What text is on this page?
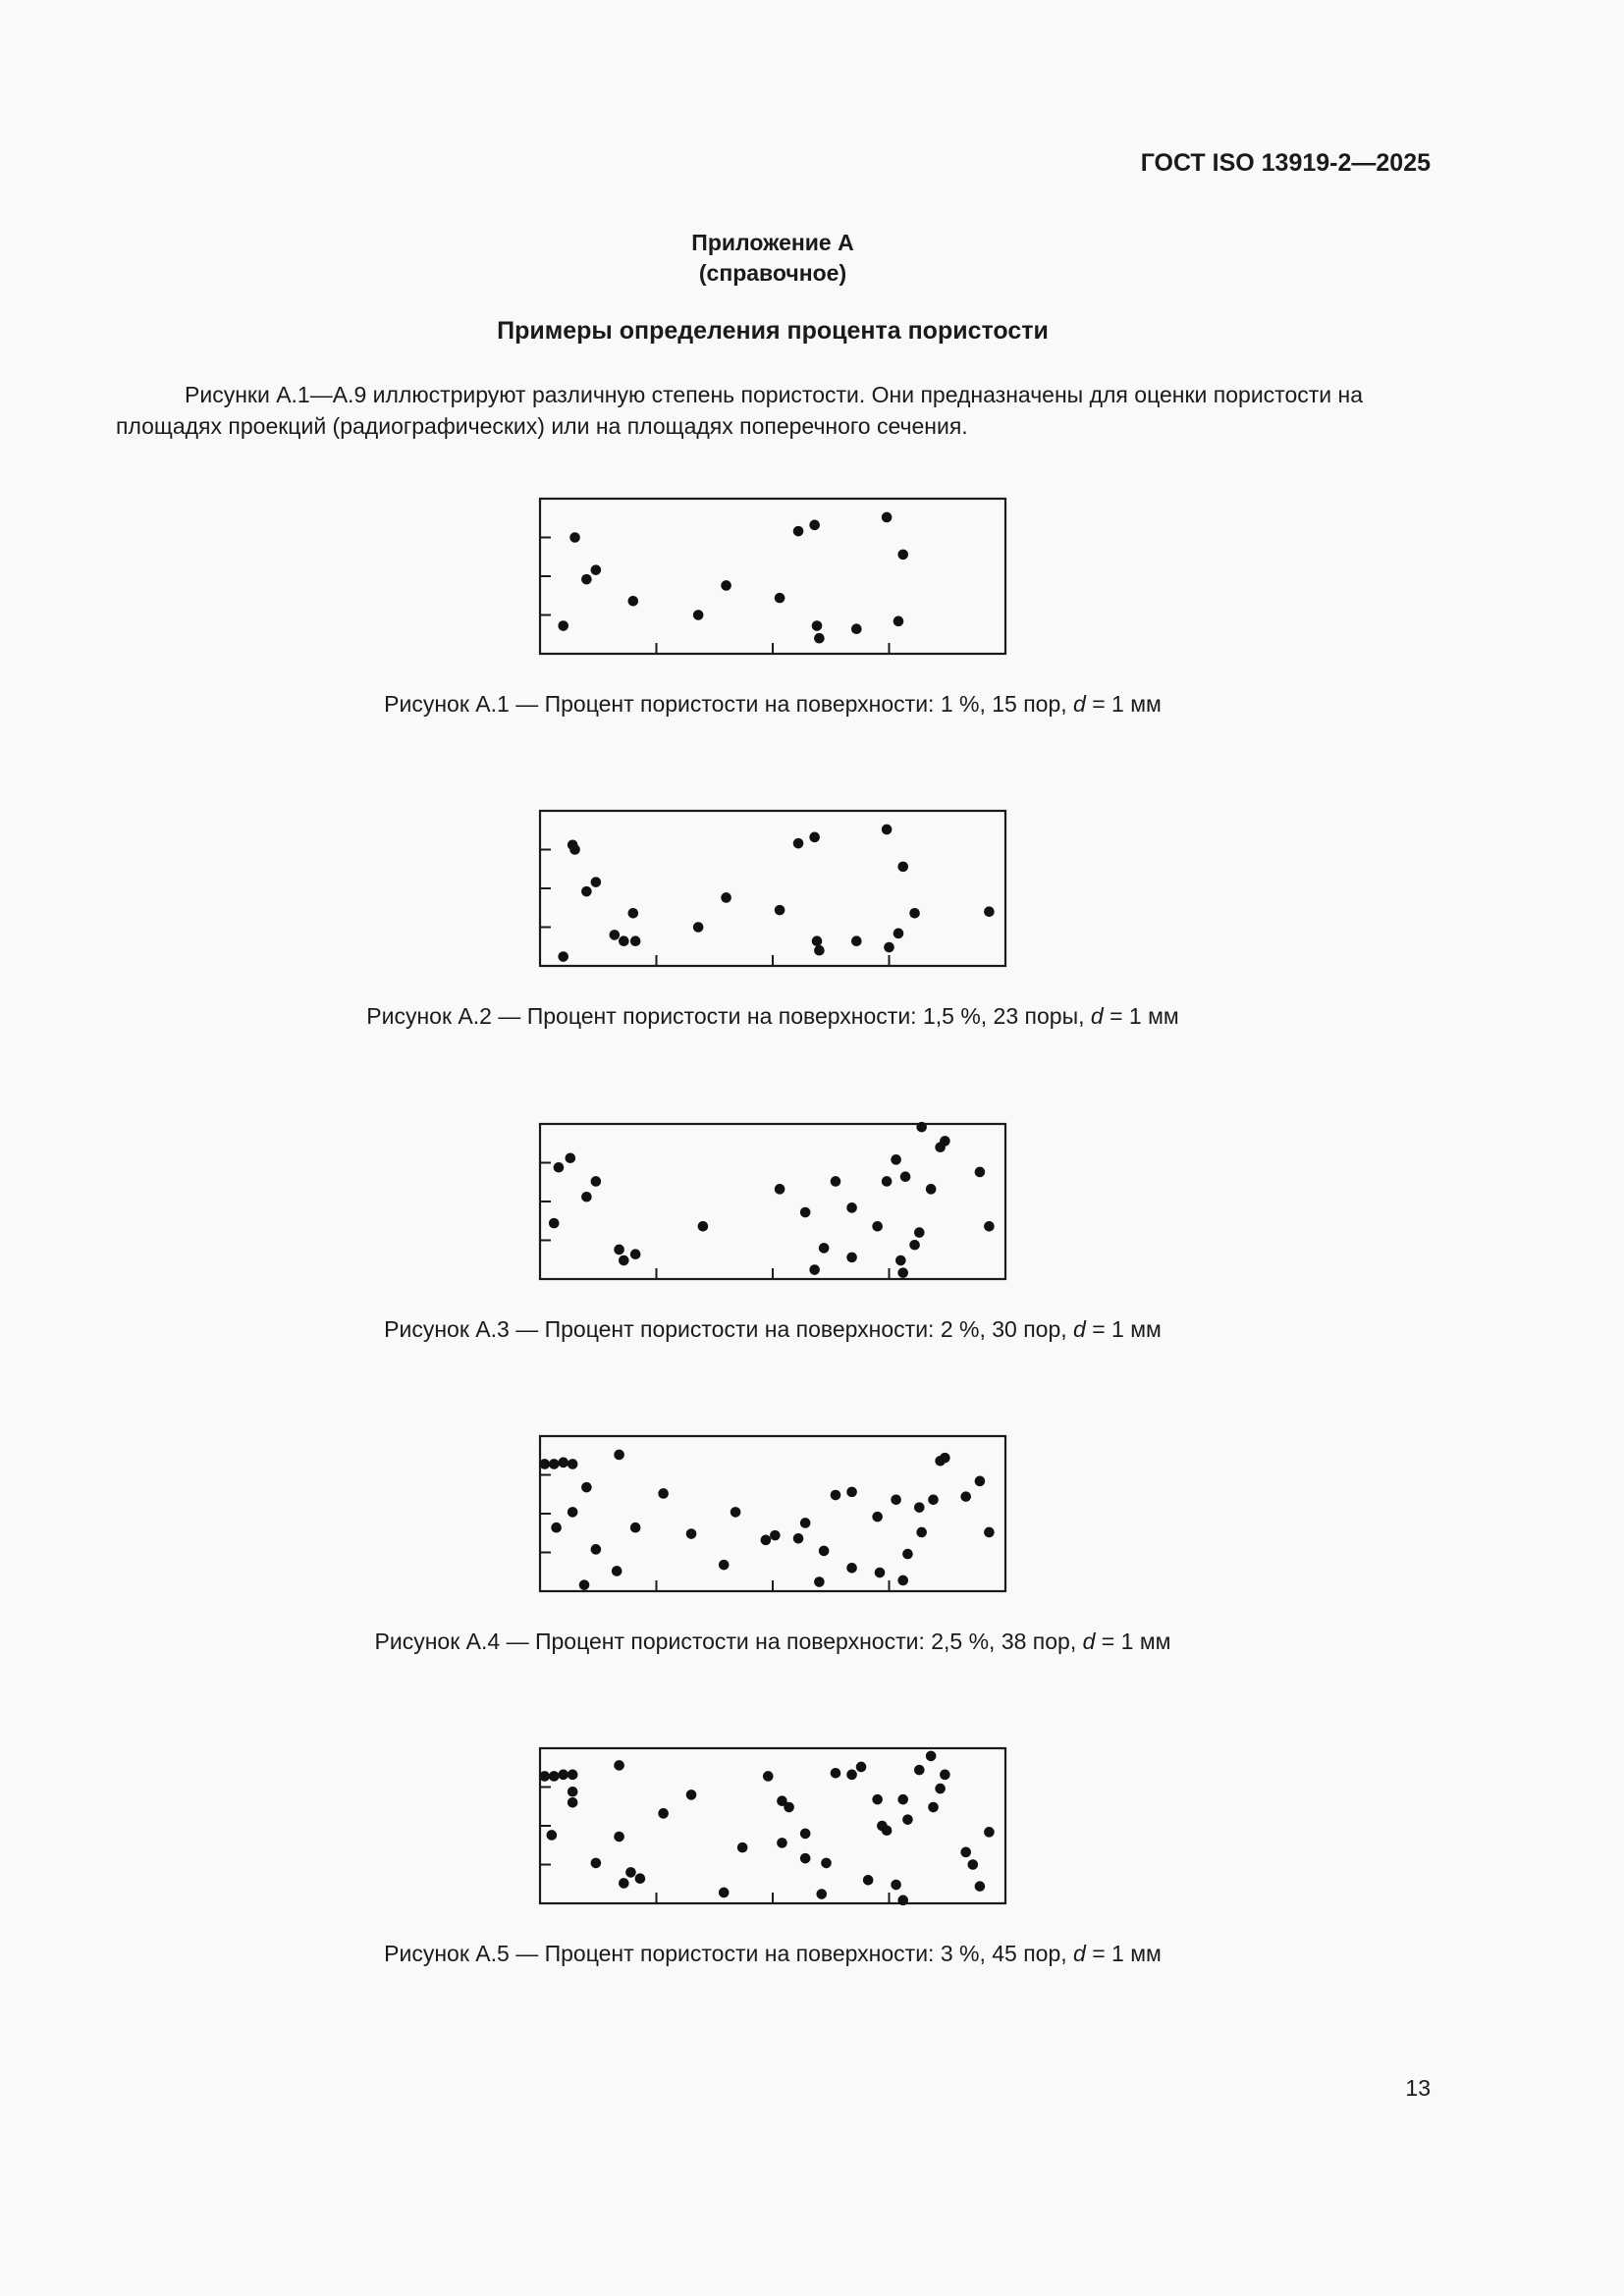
ГОСТ ISO 13919-2—2025
Приложение А
(справочное)
Примеры определения процента пористости
Рисунки А.1—А.9 иллюстрируют различную степень пористости. Они предназначены для оценки пористости на площадях проекций (радиографических) или на площадях поперечного сечения.
Рисунок А.1 — Процент пористости на поверхности: 1 %, 15 пор, d = 1 мм
Рисунок А.2 — Процент пористости на поверхности: 1,5 %, 23 поры, d = 1 мм
Рисунок А.3 — Процент пористости на поверхности: 2 %, 30 пор, d = 1 мм
Рисунок А.4 — Процент пористости на поверхности: 2,5 %, 38 пор, d = 1 мм
Рисунок А.5 — Процент пористости на поверхности: 3 %, 45 пор, d = 1 мм
13
